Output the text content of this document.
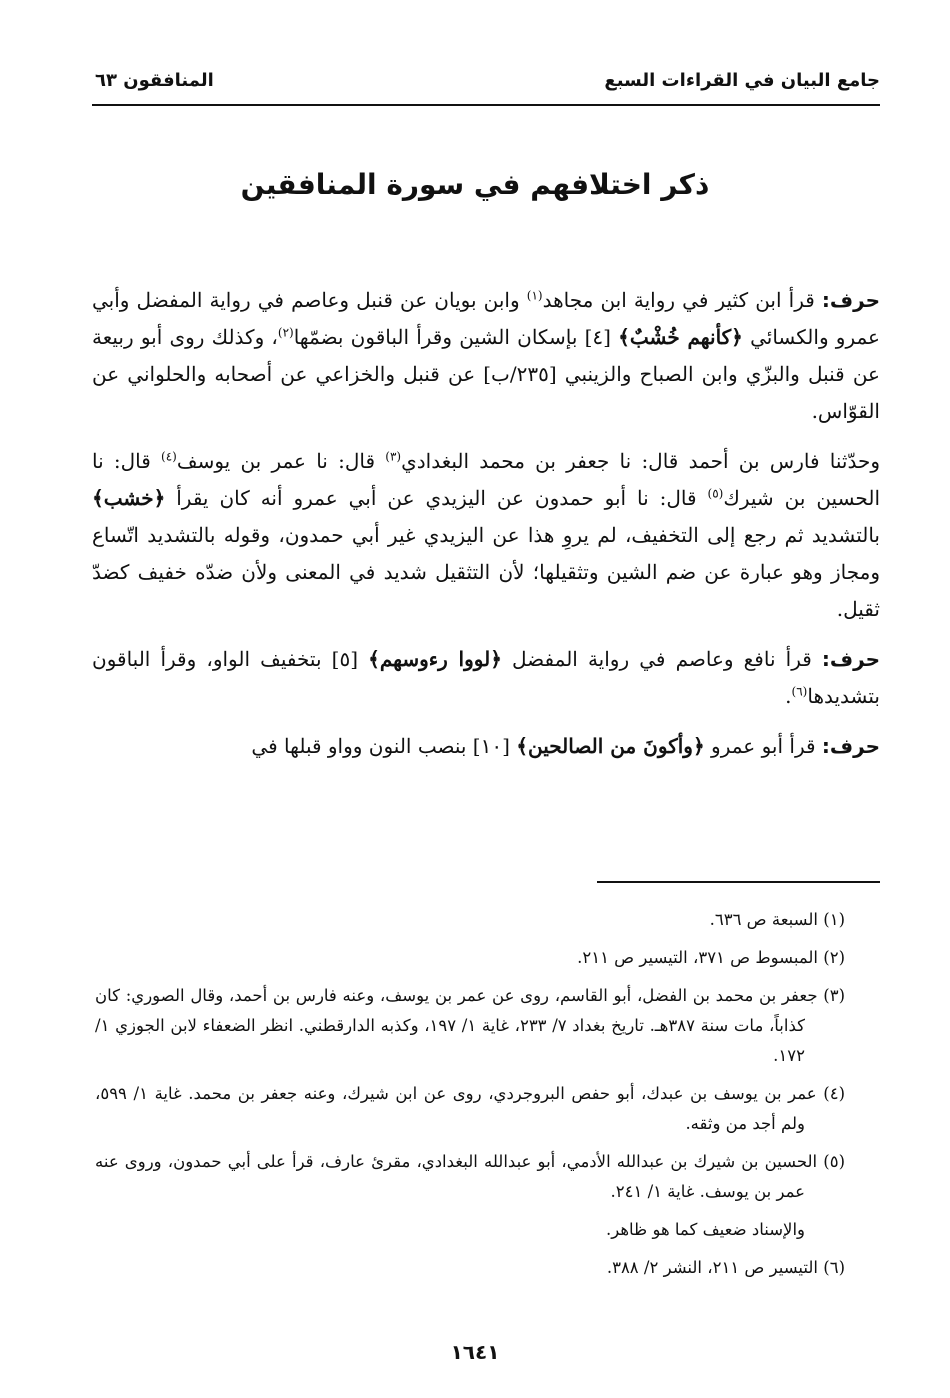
جامع البيان في القراءات السبع
المنافقون ٦٣
ذكر اختلافهم في سورة المنافقين

حرف: قرأ ابن كثير في رواية ابن مجاهد$^{(١)}$ وابن بويان عن قنبل وعاصم في رواية المفضل وأبي عمرو والكسائي ﴿كأنهم خُشْبٌ﴾ [٤] بإسكان الشين وقرأ الباقون بضمّها$^{(٢)}$، وكذلك روى أبو ربيعة عن قنبل والبزّي وابن الصباح والزينبي [٢٣٥/ب] عن قنبل والخزاعي عن أصحابه والحلواني عن القوّاس.

وحدّثنا فارس بن أحمد قال: نا جعفر بن محمد البغدادي$^{(٣)}$ قال: نا عمر بن يوسف$^{(٤)}$ قال: نا الحسين بن شيرك$^{(٥)}$ قال: نا أبو حمدون عن اليزيدي عن أبي عمرو أنه كان يقرأ ﴿خشب﴾ بالتشديد ثم رجع إلى التخفيف، لم يروِ هذا عن اليزيدي غير أبي حمدون، وقوله بالتشديد اتّساع ومجاز وهو عبارة عن ضم الشين وتثقيلها؛ لأن التثقيل شديد في المعنى ولأن ضدّه خفيف كضدّ ثقيل.

حرف: قرأ نافع وعاصم في رواية المفضل ﴿لووا رءوسهم﴾ [٥] بتخفيف الواو، وقرأ الباقون بتشديدها$^{(٦)}$.

حرف: قرأ أبو عمرو ﴿وأكونَ من الصالحين﴾ [١٠] بنصب النون وواو قبلها في

(١) السبعة ص ٦٣٦.

(٢) المبسوط ص ٣٧١، التيسير ص ٢١١.

(٣) جعفر بن محمد بن الفضل، أبو القاسم، روى عن عمر بن يوسف، وعنه فارس بن أحمد، وقال الصوري: كان كذاباً، مات سنة ٣٨٧هـ. تاريخ بغداد ٧/ ٢٣٣، غاية ١/ ١٩٧، وكذبه الدارقطني. انظر الضعفاء لابن الجوزي ١/ ١٧٢.

(٤) عمر بن يوسف بن عبدك، أبو حفص البروجردي، روى عن ابن شيرك، وعنه جعفر بن محمد. غاية ١/ ٥٩٩، ولم أجد من وثقه.

(٥) الحسين بن شيرك بن عبدالله الأدمي، أبو عبدالله البغدادي، مقرئ عارف، قرأ على أبي حمدون، وروى عنه عمر بن يوسف. غاية ١/ ٢٤١.

والإسناد ضعيف كما هو ظاهر.

(٦) التيسير ص ٢١١، النشر ٢/ ٣٨٨.

١٦٤١
